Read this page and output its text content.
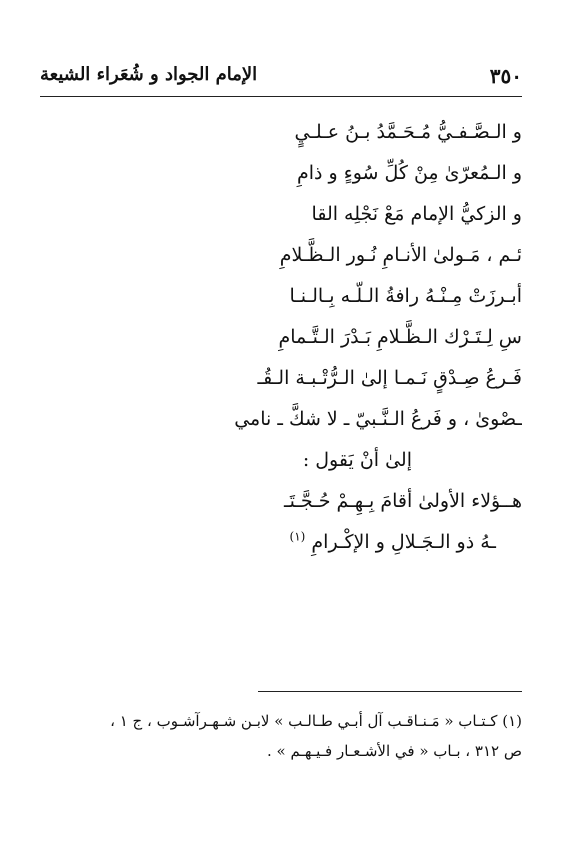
٣٥٠
الإمام الجواد و شُعَراء الشيعة
و الـصَّـفـيُّ مُـحَـمَّدُ بـنُ عـلـيٍ
و الـمُعرّىٰ مِنْ كُلِّ سُوءٍ و ذامِ
و الزكيُّ الإمام مَعْ نَجْلِه القا
ئـم ، مَـولىٰ الأنـامِ نُـور الـظَّـلامِ
أبـرزَتْ مِـنْـهُ رافةُ الـلّـه بِـالـنـا
سِ لِـتَـرْك الـظَّـلامِ بَـدْرَ الـتَّـمامِ
فَـرعُ صِـدْقٍ نَـمـا إلىٰ الـرُّتْـبـة الـقُـ
ـصْوىٰ ، و فَرعُ الـنَّـبيّ ـ لا شكَّ ـ نامي
إلىٰ أنْ يَقول :
هــؤلاء الأولىٰ أقامَ بِـهِـمْ حُـجَّـتَـ
ـهُ ذو الـجَـلالِ و الإكْـرامِ $^{(١)}$
(١) كـتـاب « مَـنـاقـب آل أبـي طـالـب » لابـن شـهـرآشـوب ، ج ١ ،
ص ٣١٢ ، بـاب « في الأشـعـار فـيـهـم » .
